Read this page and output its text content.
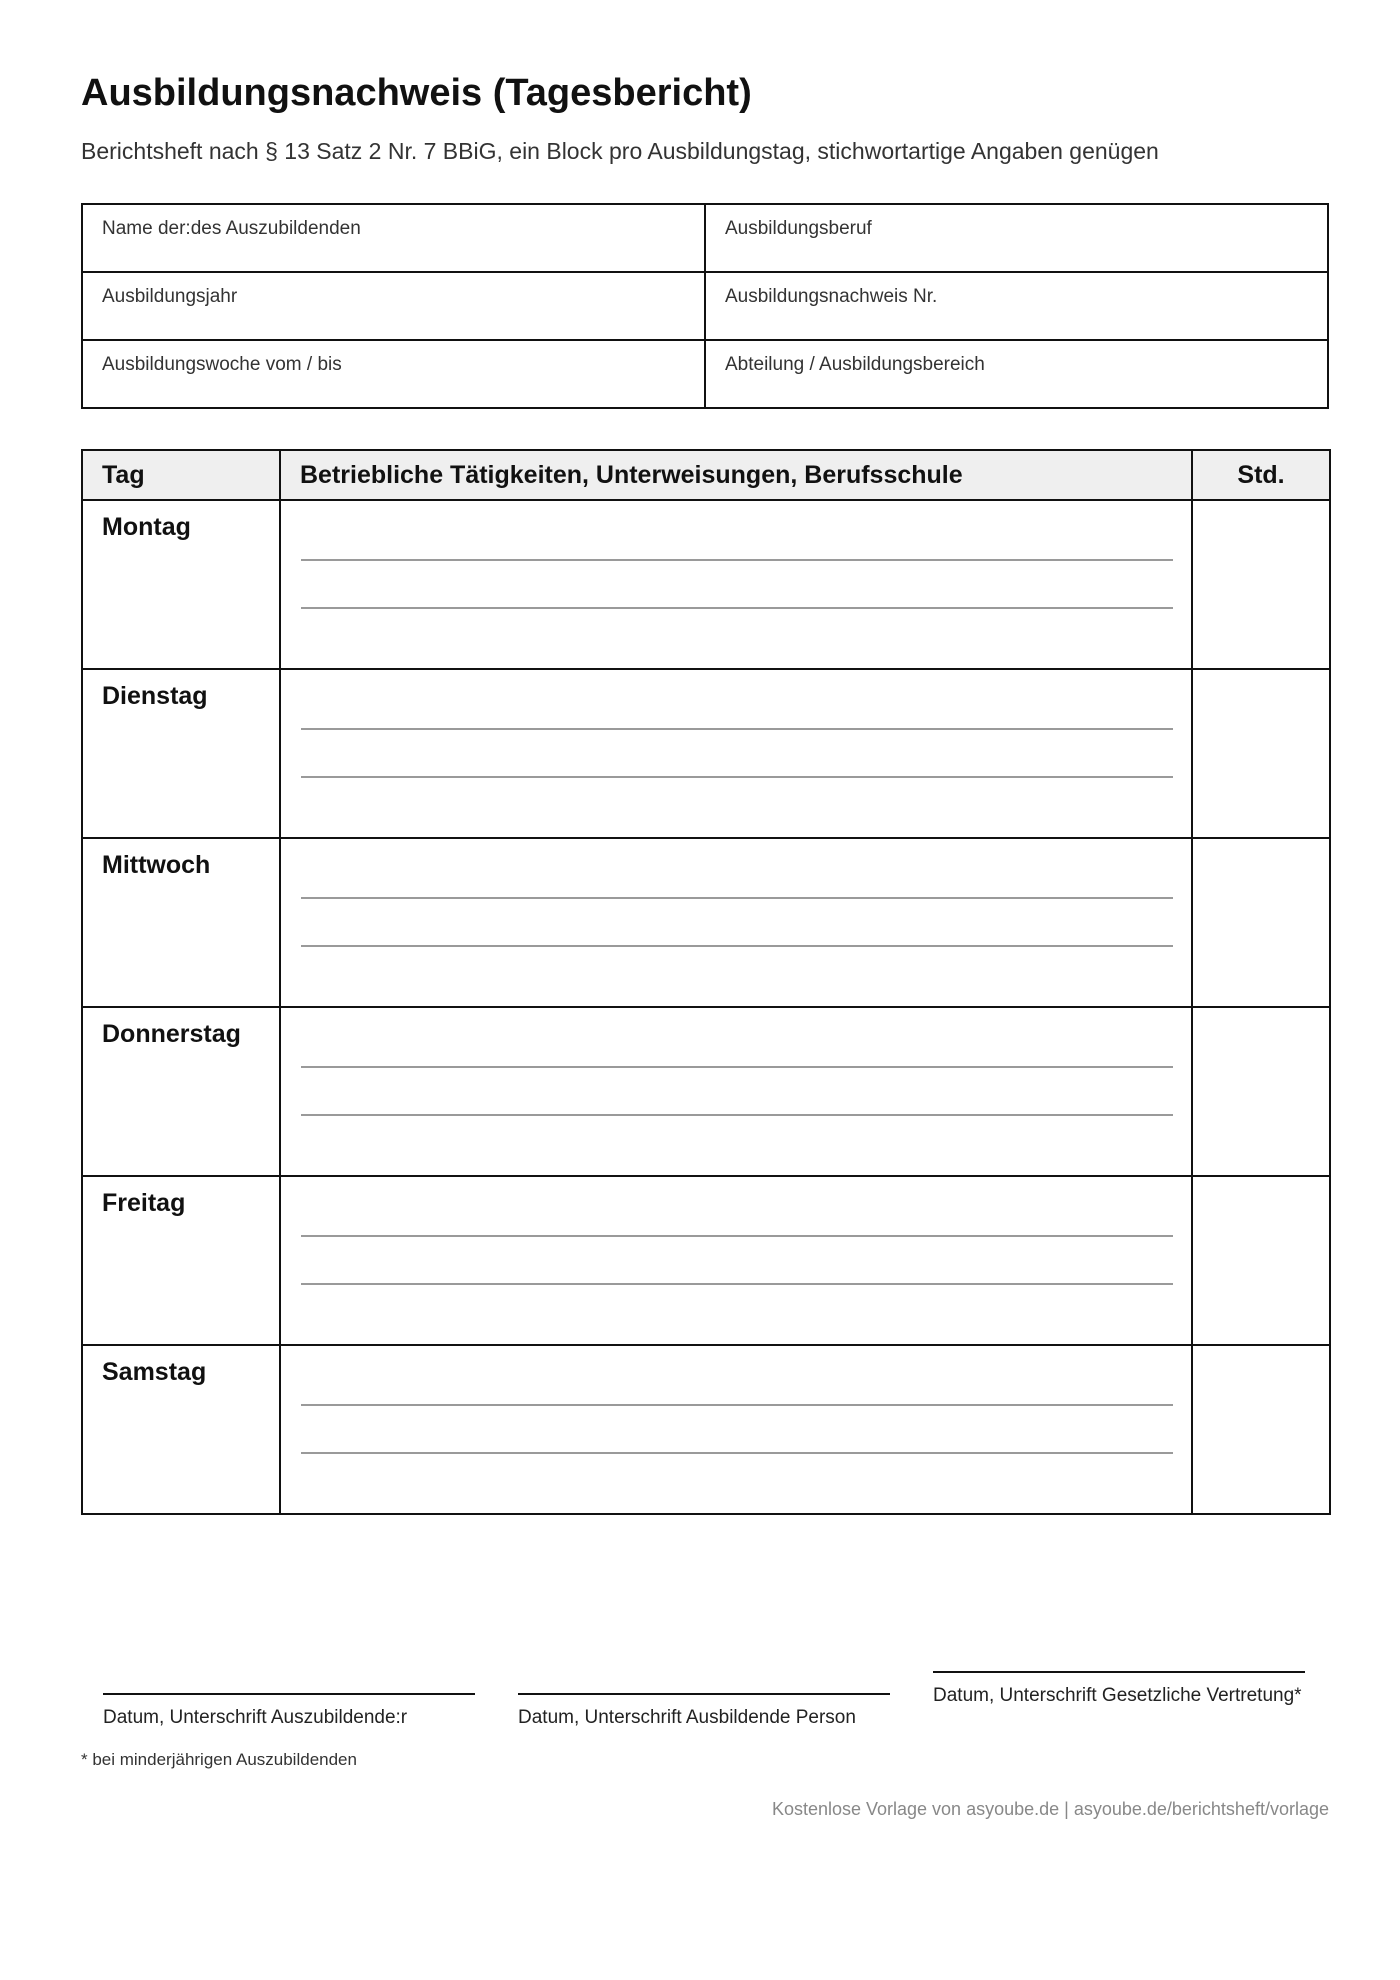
Ausbildungsnachweis (Tagesbericht)
Berichtsheft nach § 13 Satz 2 Nr. 7 BBiG, ein Block pro Ausbildungstag, stichwortartige Angaben genügen
Name der:des Auszubildenden	Ausbildungsberuf
Ausbildungsjahr	Ausbildungsnachweis Nr.
Ausbildungswoche vom / bis	Abteilung / Ausbildungsbereich
Tag	Betriebliche Tätigkeiten, Unterweisungen, Berufsschule	Std.

Montag		

Dienstag		

Mittwoch		

Donnerstag		

Freitag		

Samstag		

Datum, Unterschrift Auszubildende:r	Datum, Unterschrift Ausbildende Person
Datum, Unterschrift Gesetzliche Vertretung*
* bei minderjährigen Auszubildenden
Kostenlose Vorlage von asyoube.de | asyoube.de/berichtsheft/vorlage
